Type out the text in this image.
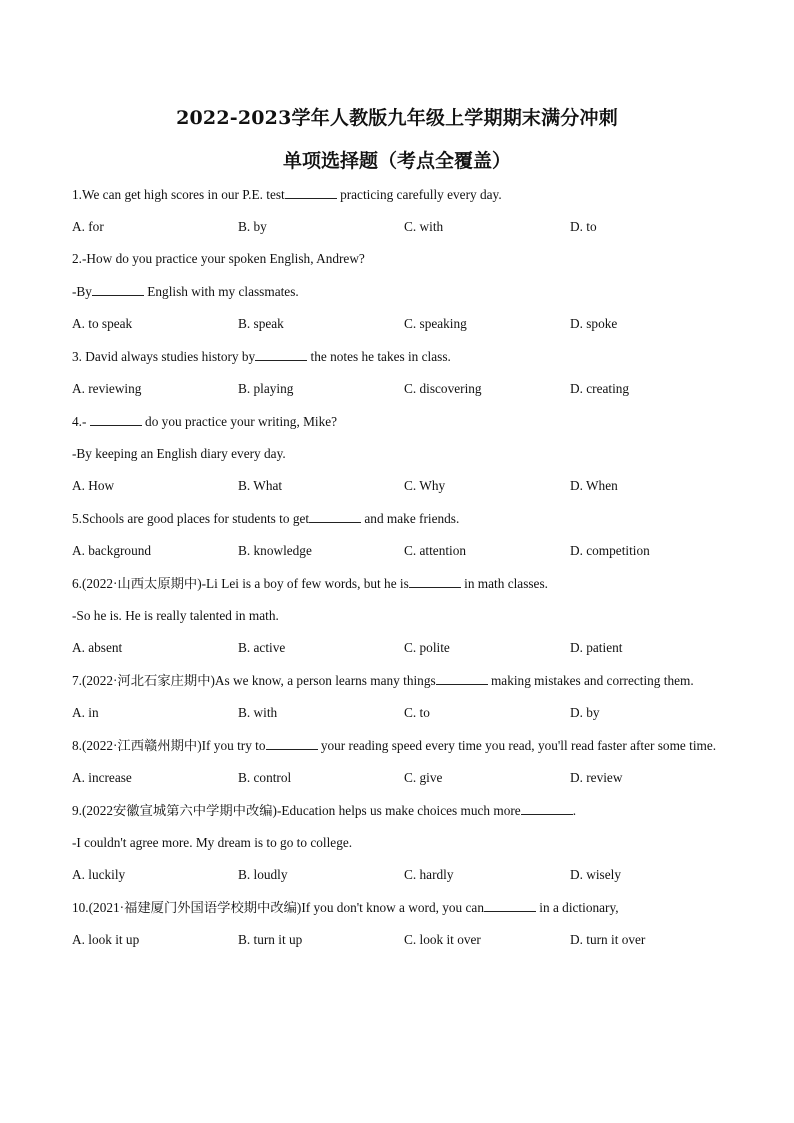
2022-2023学年人教版九年级上学期期末满分冲刺
单项选择题（考点全覆盖）
1.We can get high scores in our P.E. test	practicing carefully every day.
A. for	B. by	C. with	D. to
2.-How do you practice your spoken English, Andrew?
-By	English with my classmates.
A. to speak	B. speak	C. speaking	D. spoke
3. David always studies history by	the notes he takes in class.
A. reviewing	B. playing	C. discovering	D. creating
4.-	do you practice your writing, Mike?
-By keeping an English diary every day.
A. How	B. What	C. Why	D. When
5.Schools are good places for students to get	and make friends.
A. background	B. knowledge	C. attention	D. competition
6.(2022·山西太原期中)-Li Lei is a boy of few words, but he is	in math classes.
-So he is. He is really talented in math.
A. absent	B. active	C. polite	D. patient
7.(2022·河北石家庄期中)As we know, a person learns many things	making mistakes and correcting them.
A. in	B. with	C. to	D. by
8.(2022·江西赣州期中)If you try to	your reading speed every time you read, you'll read faster after some time.
A. increase	B. control	C. give	D. review
9.(2022安徽宣城第六中学期中改编)-Education helps us make choices much more	.
-I couldn't agree more. My dream is to go to college.
A. luckily	B. loudly	C. hardly	D. wisely
10.(2021·福建厦门外国语学校期中改编)If you don't know a word, you can	in a dictionary,
A. look it up	B. turn it up	C. look it over	D. turn it over
